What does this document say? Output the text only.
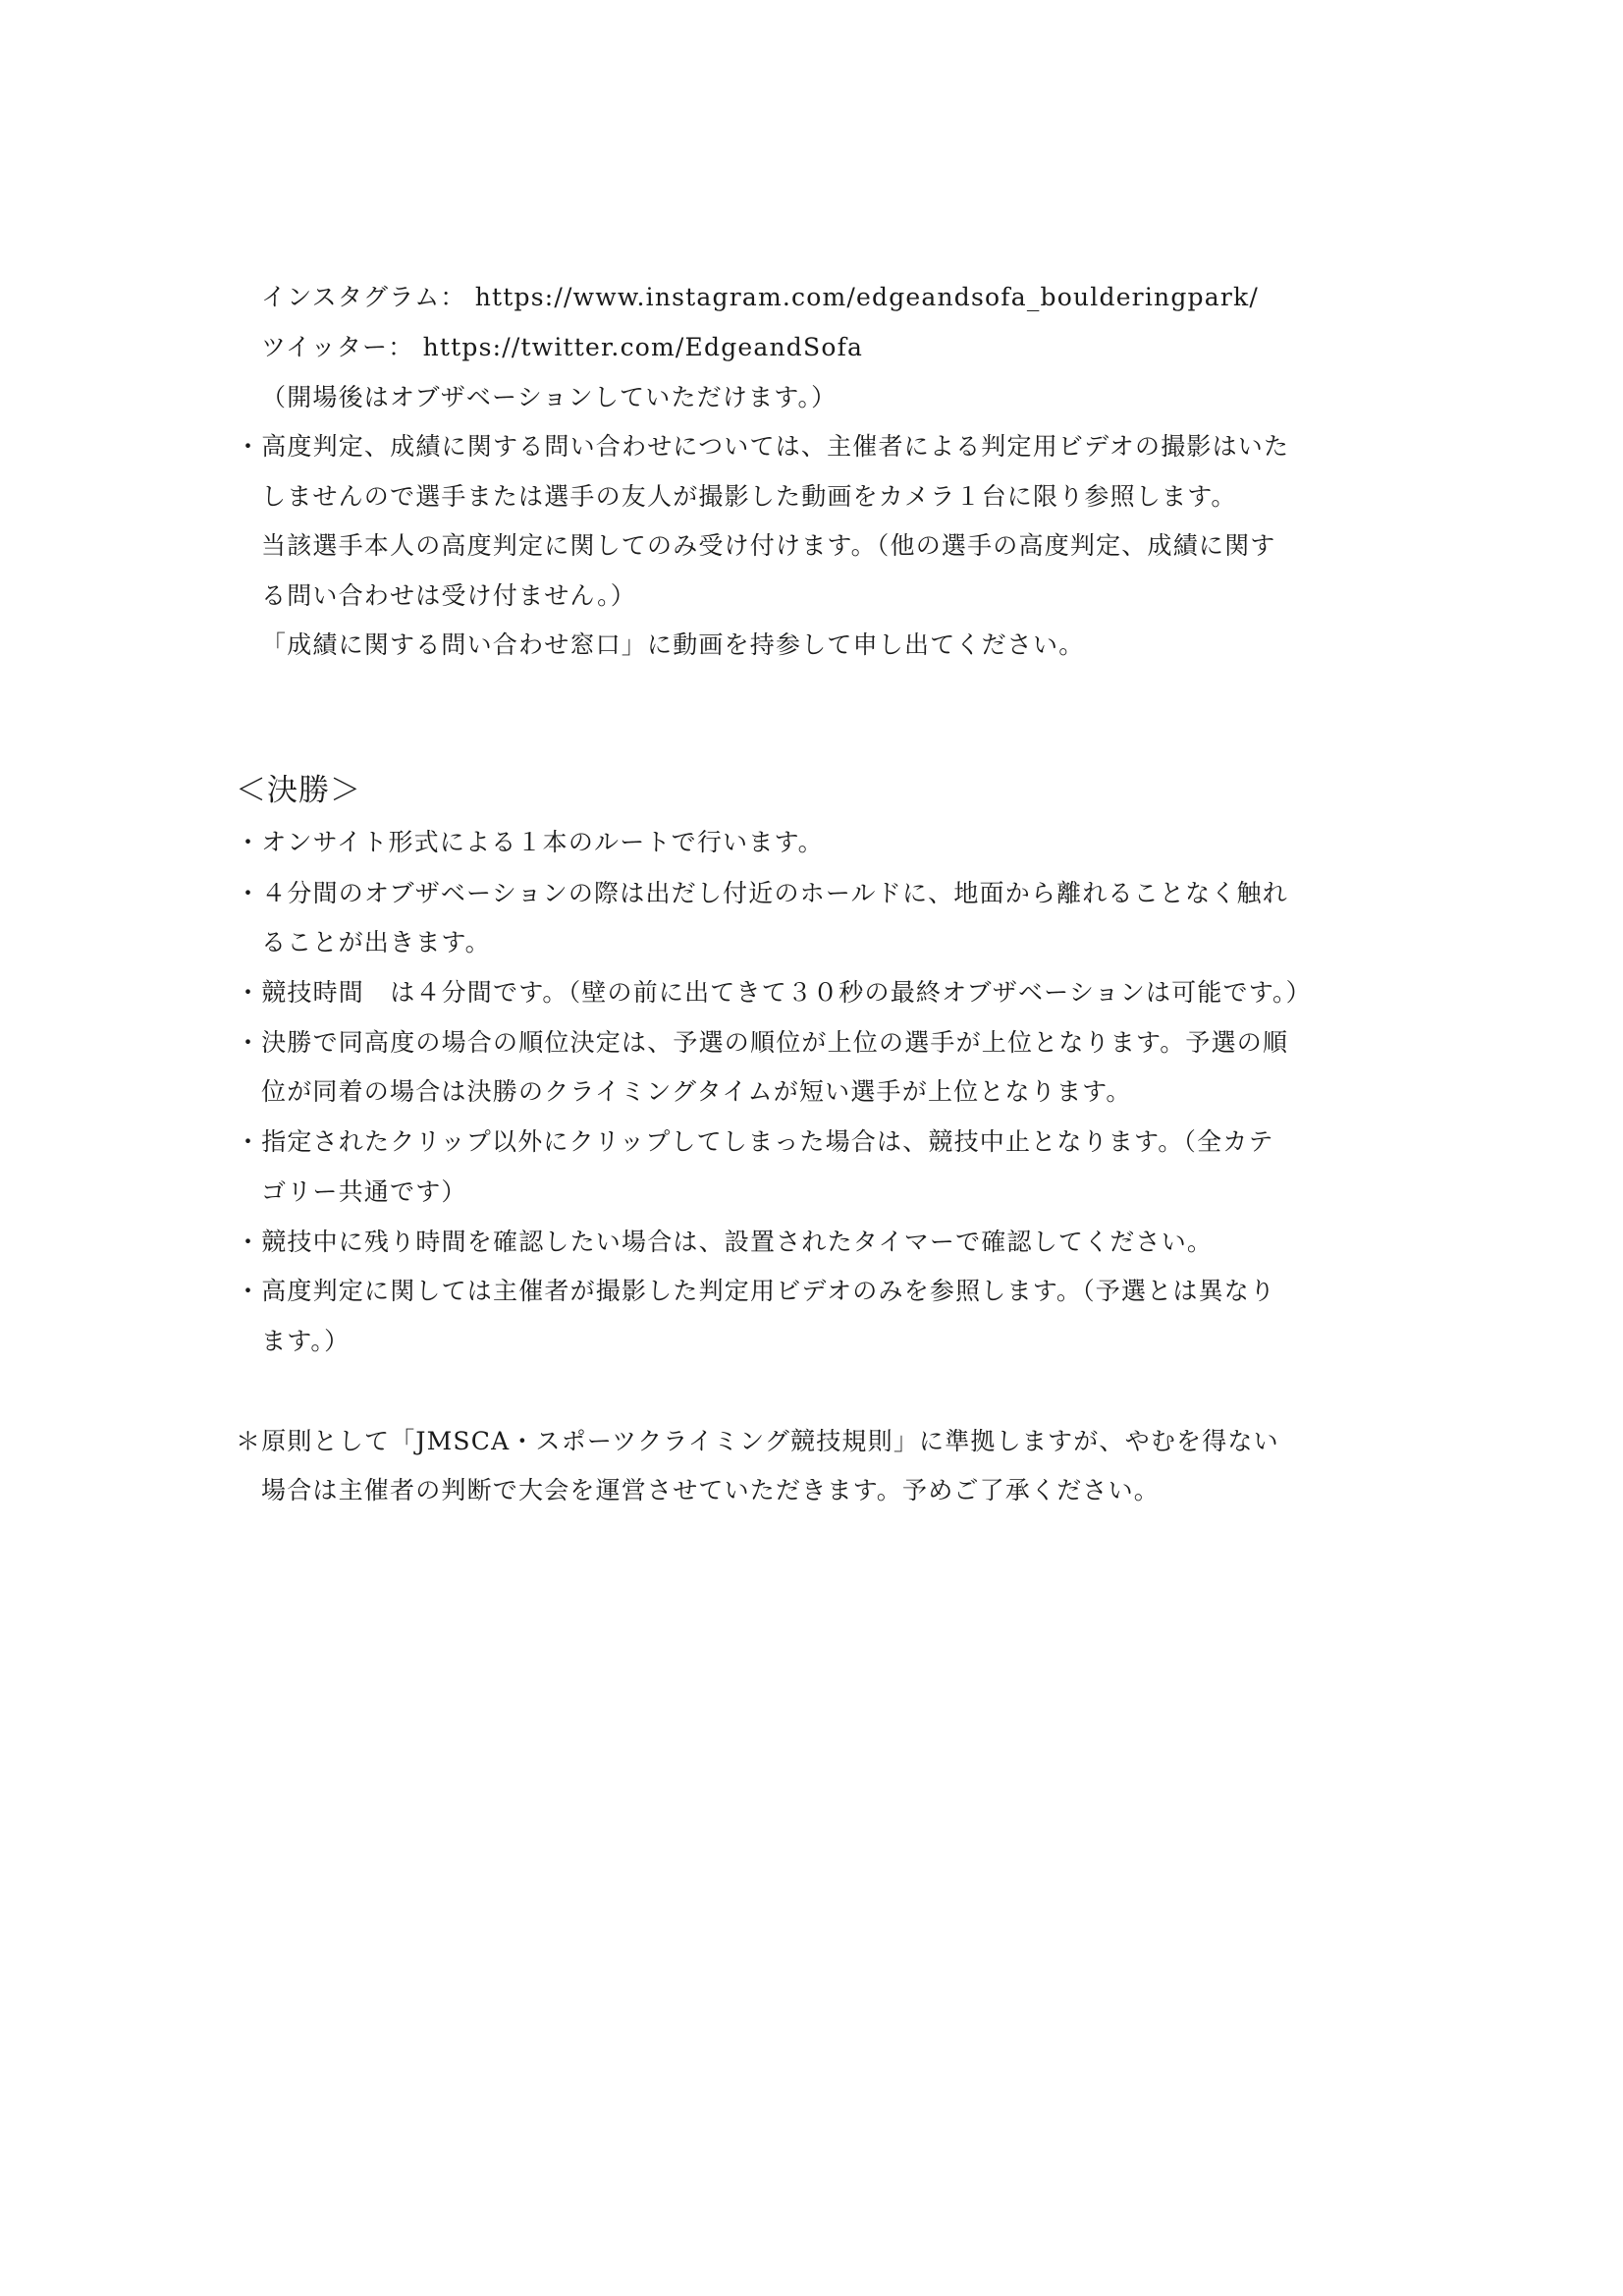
インスタグラム： https://www.instagram.com/edgeandsofa_boulderingpark/
ツイッター： https://twitter.com/EdgeandSofa
（開場後はオブザベーションしていただけます。）
・高度判定、成績に関する問い合わせについては、主催者による判定用ビデオの撮影はいた
しませんので選手または選手の友人が撮影した動画をカメラ１台に限り参照します。
当該選手本人の高度判定に関してのみ受け付けます。（他の選手の高度判定、成績に関す
る問い合わせは受け付ません。）
「成績に関する問い合わせ窓口」に動画を持参して申し出てください。
＜決勝＞
・オンサイト形式による１本のルートで行います。
・４分間のオブザベーションの際は出だし付近のホールドに、地面から離れることなく触れ
ることが出きます。
・競技時間　は４分間です。（壁の前に出てきて３０秒の最終オブザベーションは可能です。）
・決勝で同高度の場合の順位決定は、予選の順位が上位の選手が上位となります。予選の順
位が同着の場合は決勝のクライミングタイムが短い選手が上位となります。
・指定されたクリップ以外にクリップしてしまった場合は、競技中止となります。（全カテ
ゴリー共通です）
・競技中に残り時間を確認したい場合は、設置されたタイマーで確認してください。
・高度判定に関しては主催者が撮影した判定用ビデオのみを参照します。（予選とは異なり
ます。）
＊原則として「JMSCA・スポーツクライミング競技規則」に準拠しますが、やむを得ない
場合は主催者の判断で大会を運営させていただきます。予めご了承ください。
